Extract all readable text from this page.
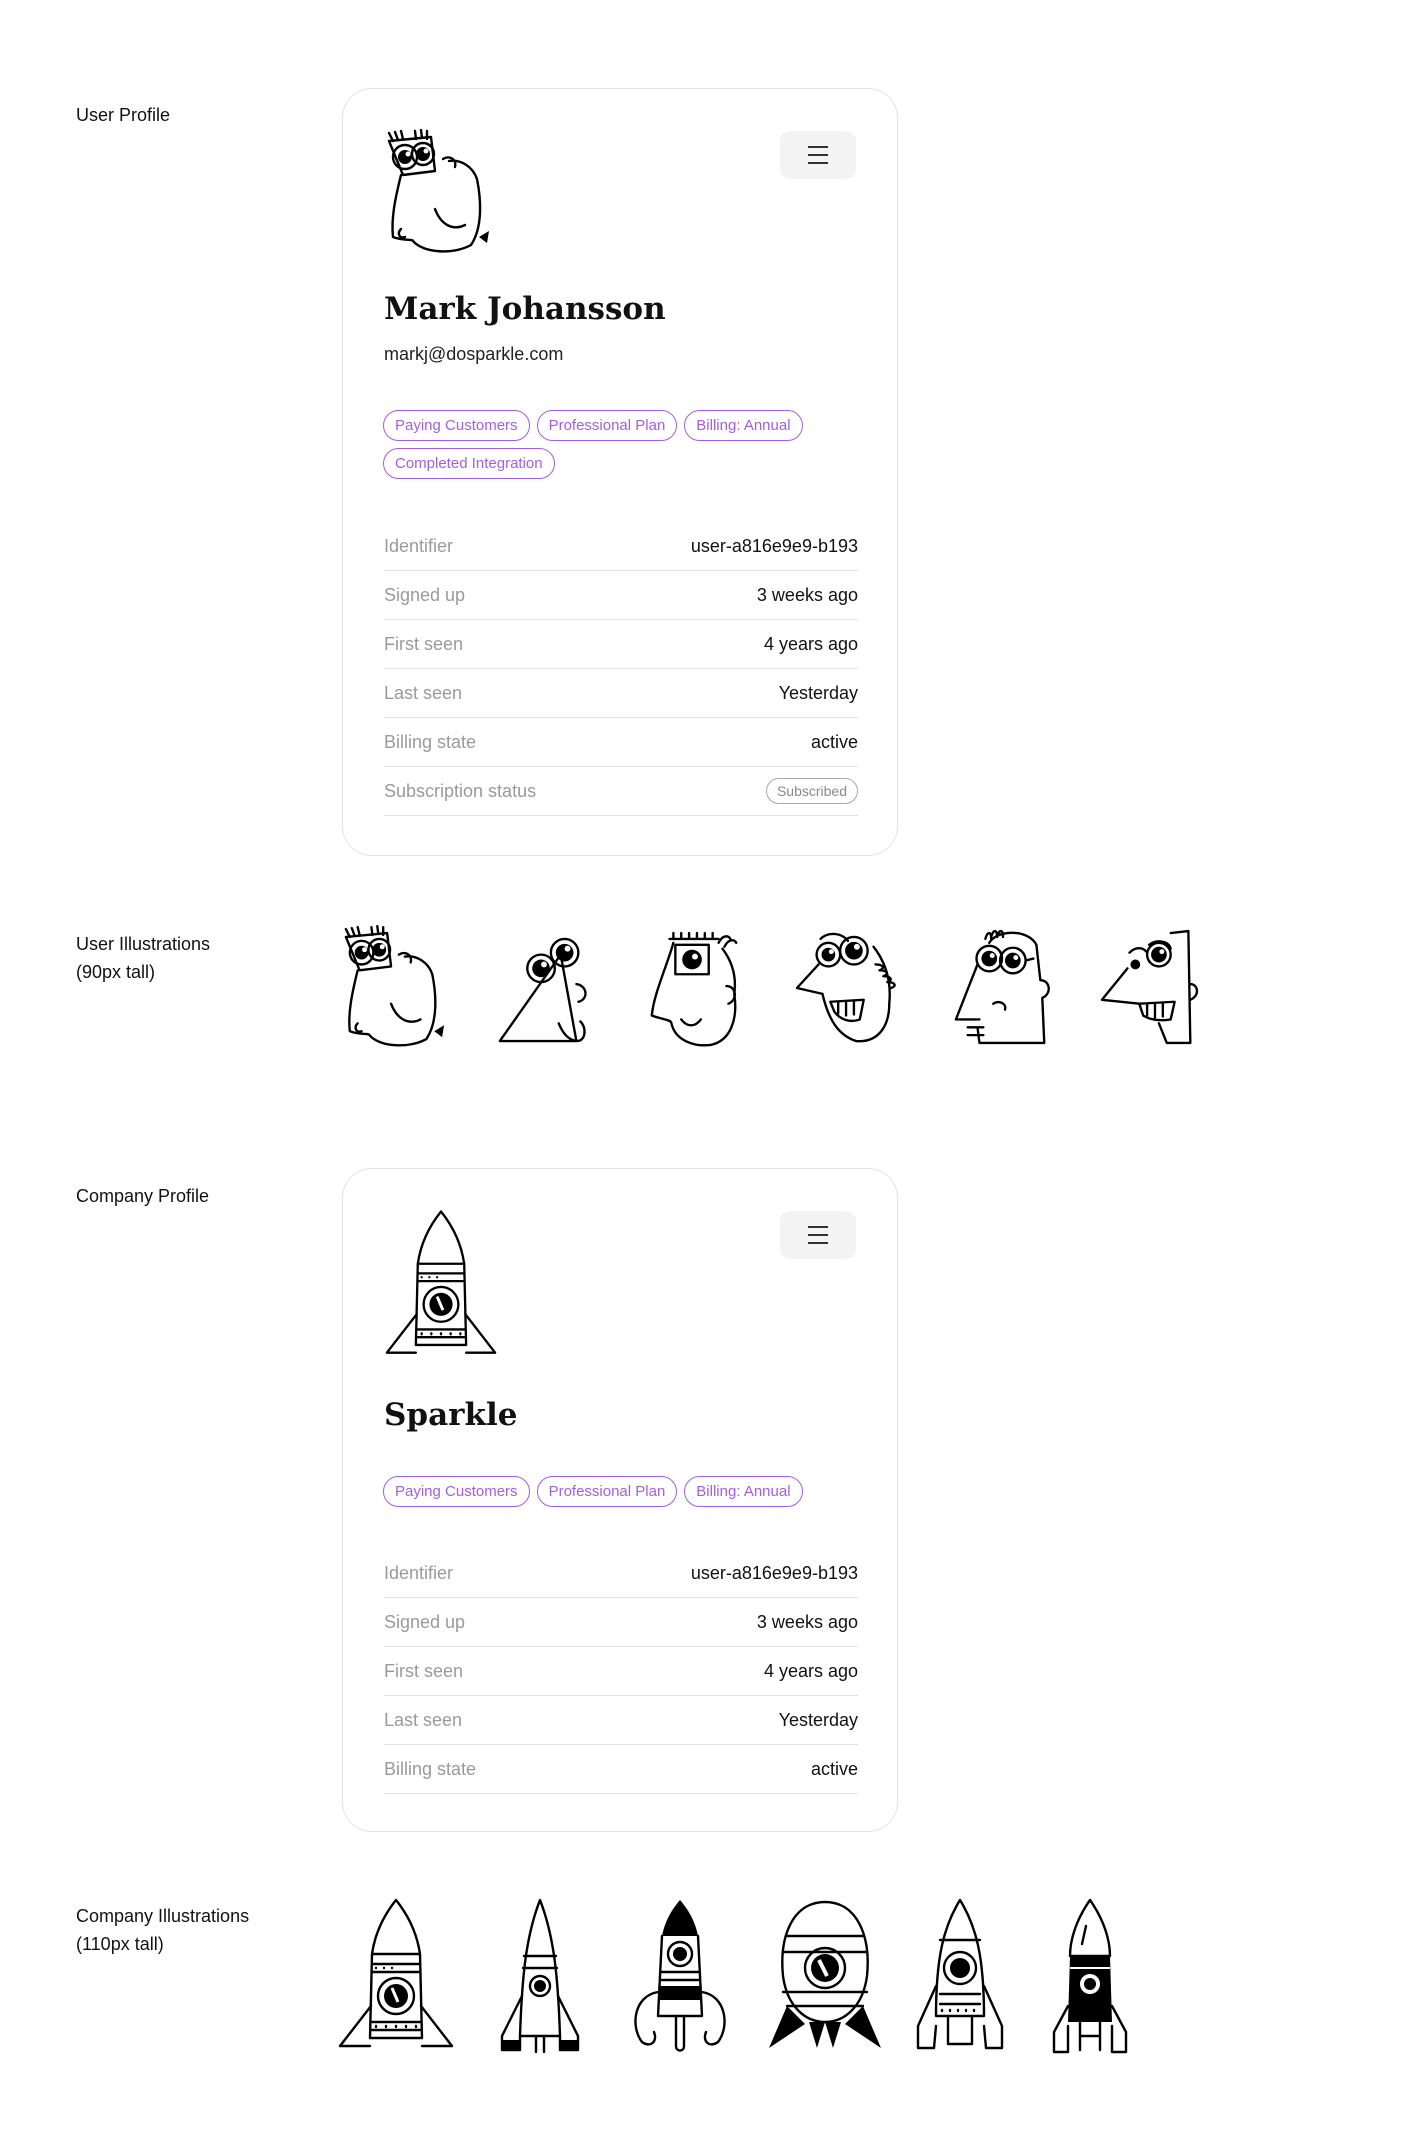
User Profile
Mark Johansson
markj@dosparkle.com
Paying Customers	Professional Plan	Billing: Annual
Completed Integration
Identifier	user-a816e9e9-b193
Signed up	3 weeks ago
First seen	4 years ago
Last seen	Yesterday
Billing state	active
Subscription status	Subscribed
User Illustrations
(90px tall)
Company Profile
Sparkle
Paying Customers	Professional Plan	Billing: Annual
Identifier	user-a816e9e9-b193
Signed up	3 weeks ago
First seen	4 years ago
Last seen	Yesterday
Billing state	active
Company Illustrations
(110px tall)
